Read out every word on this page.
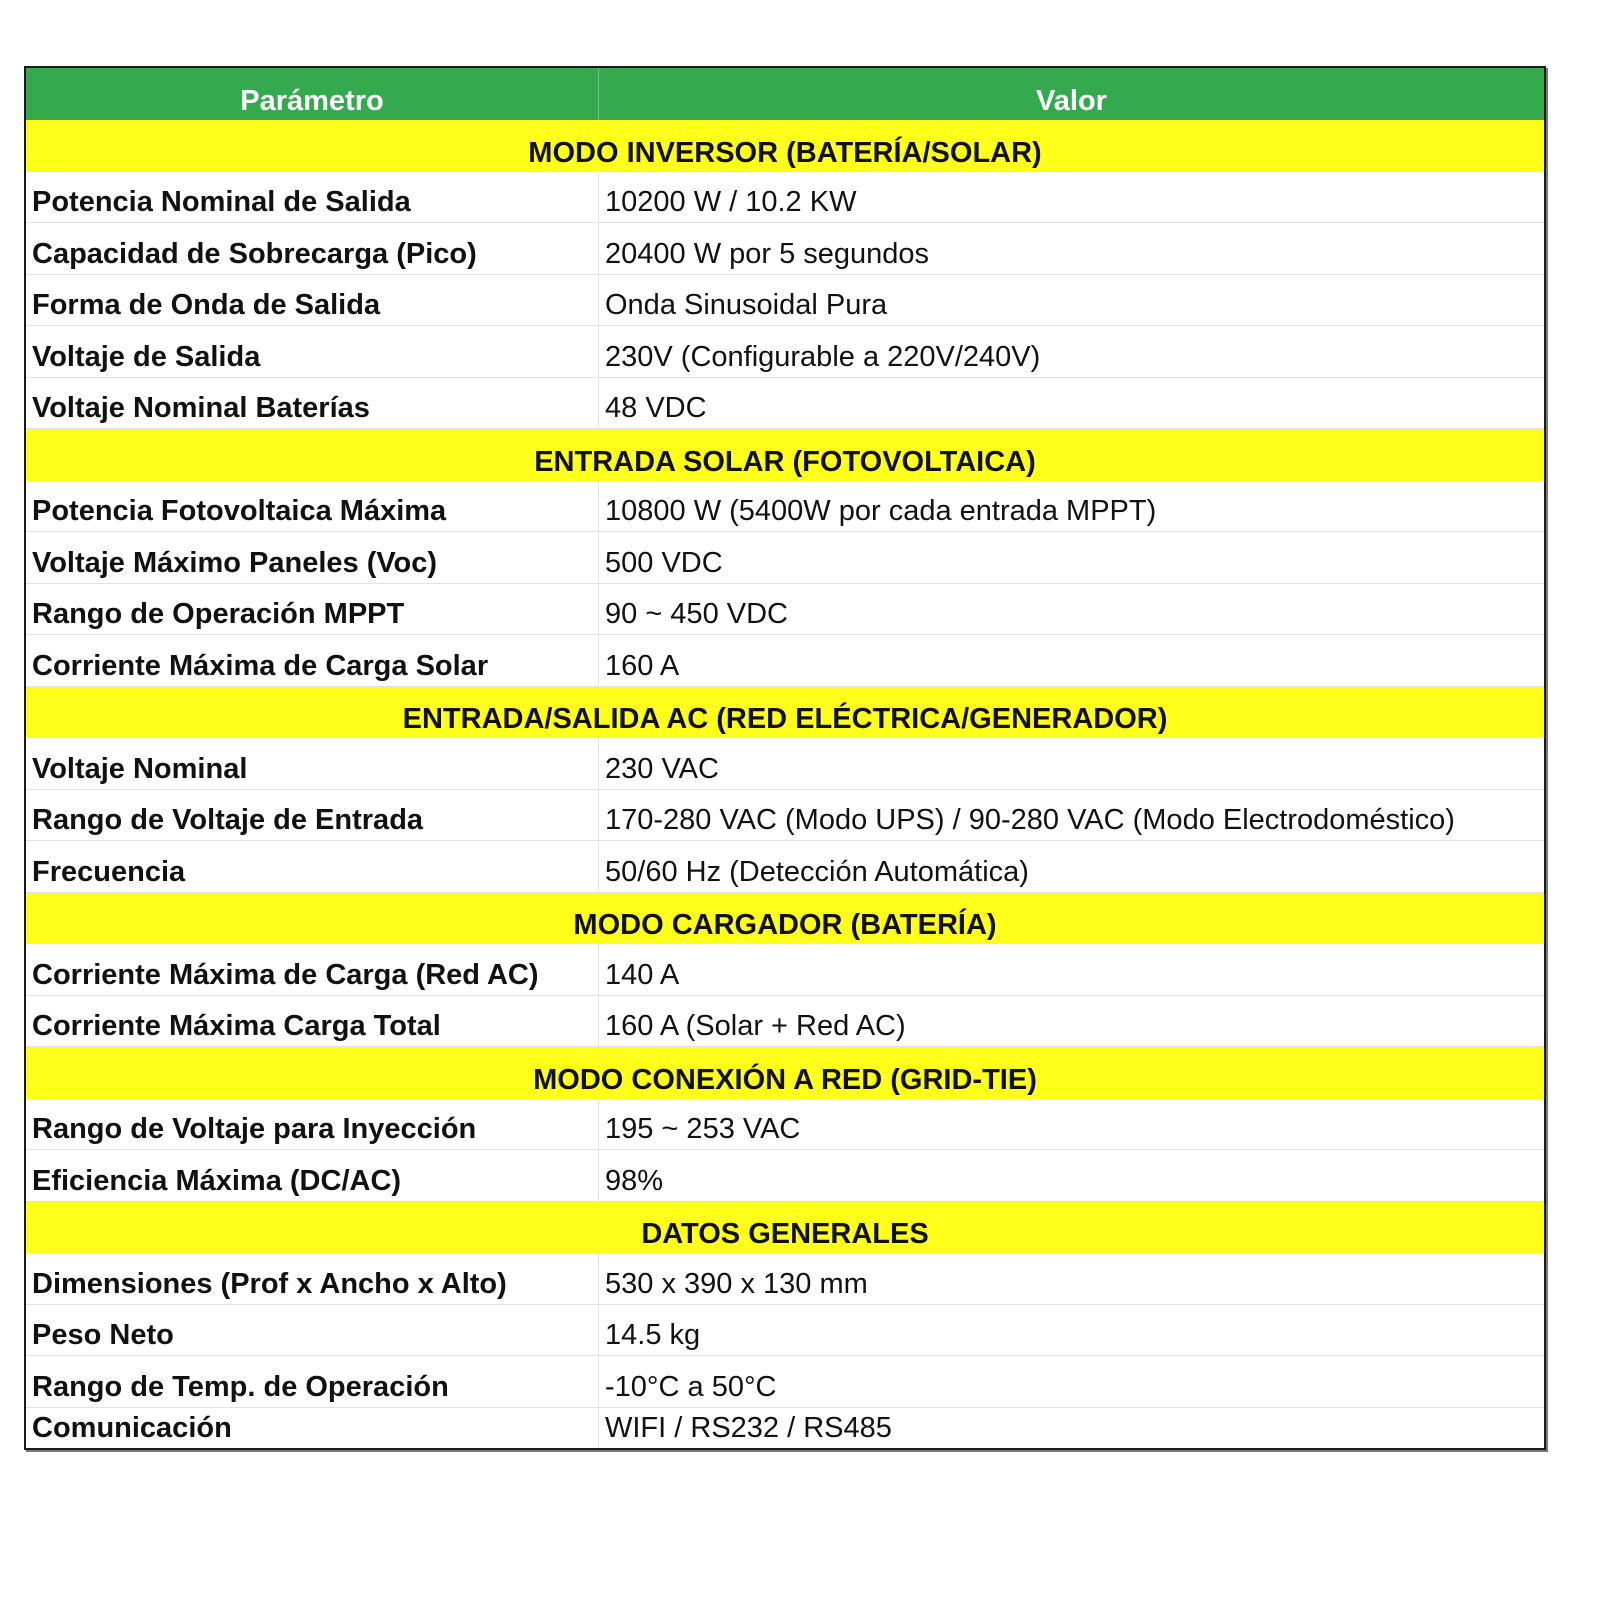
Parámetro	Valor
MODO INVERSOR (BATERÍA/SOLAR)
Potencia Nominal de Salida	10200 W / 10.2 KW
Capacidad de Sobrecarga (Pico)	20400 W por 5 segundos
Forma de Onda de Salida	Onda Sinusoidal Pura
Voltaje de Salida	230V (Configurable a 220V/240V)
Voltaje Nominal Baterías	48 VDC
ENTRADA SOLAR (FOTOVOLTAICA)
Potencia Fotovoltaica Máxima	10800 W (5400W por cada entrada MPPT)
Voltaje Máximo Paneles (Voc)	500 VDC
Rango de Operación MPPT	90 ~ 450 VDC
Corriente Máxima de Carga Solar	160 A
ENTRADA/SALIDA AC (RED ELÉCTRICA/GENERADOR)
Voltaje Nominal	230 VAC
Rango de Voltaje de Entrada	170-280 VAC (Modo UPS) / 90-280 VAC (Modo Electrodoméstico)
Frecuencia	50/60 Hz (Detección Automática)
MODO CARGADOR (BATERÍA)
Corriente Máxima de Carga (Red AC)	140 A
Corriente Máxima Carga Total	160 A (Solar + Red AC)
MODO CONEXIÓN A RED (GRID-TIE)
Rango de Voltaje para Inyección	195 ~ 253 VAC
Eficiencia Máxima (DC/AC)	98%
DATOS GENERALES
Dimensiones (Prof x Ancho x Alto)	530 x 390 x 130 mm
Peso Neto	14.5 kg
Rango de Temp. de Operación	-10°C a 50°C
Comunicación	WIFI / RS232 / RS485
